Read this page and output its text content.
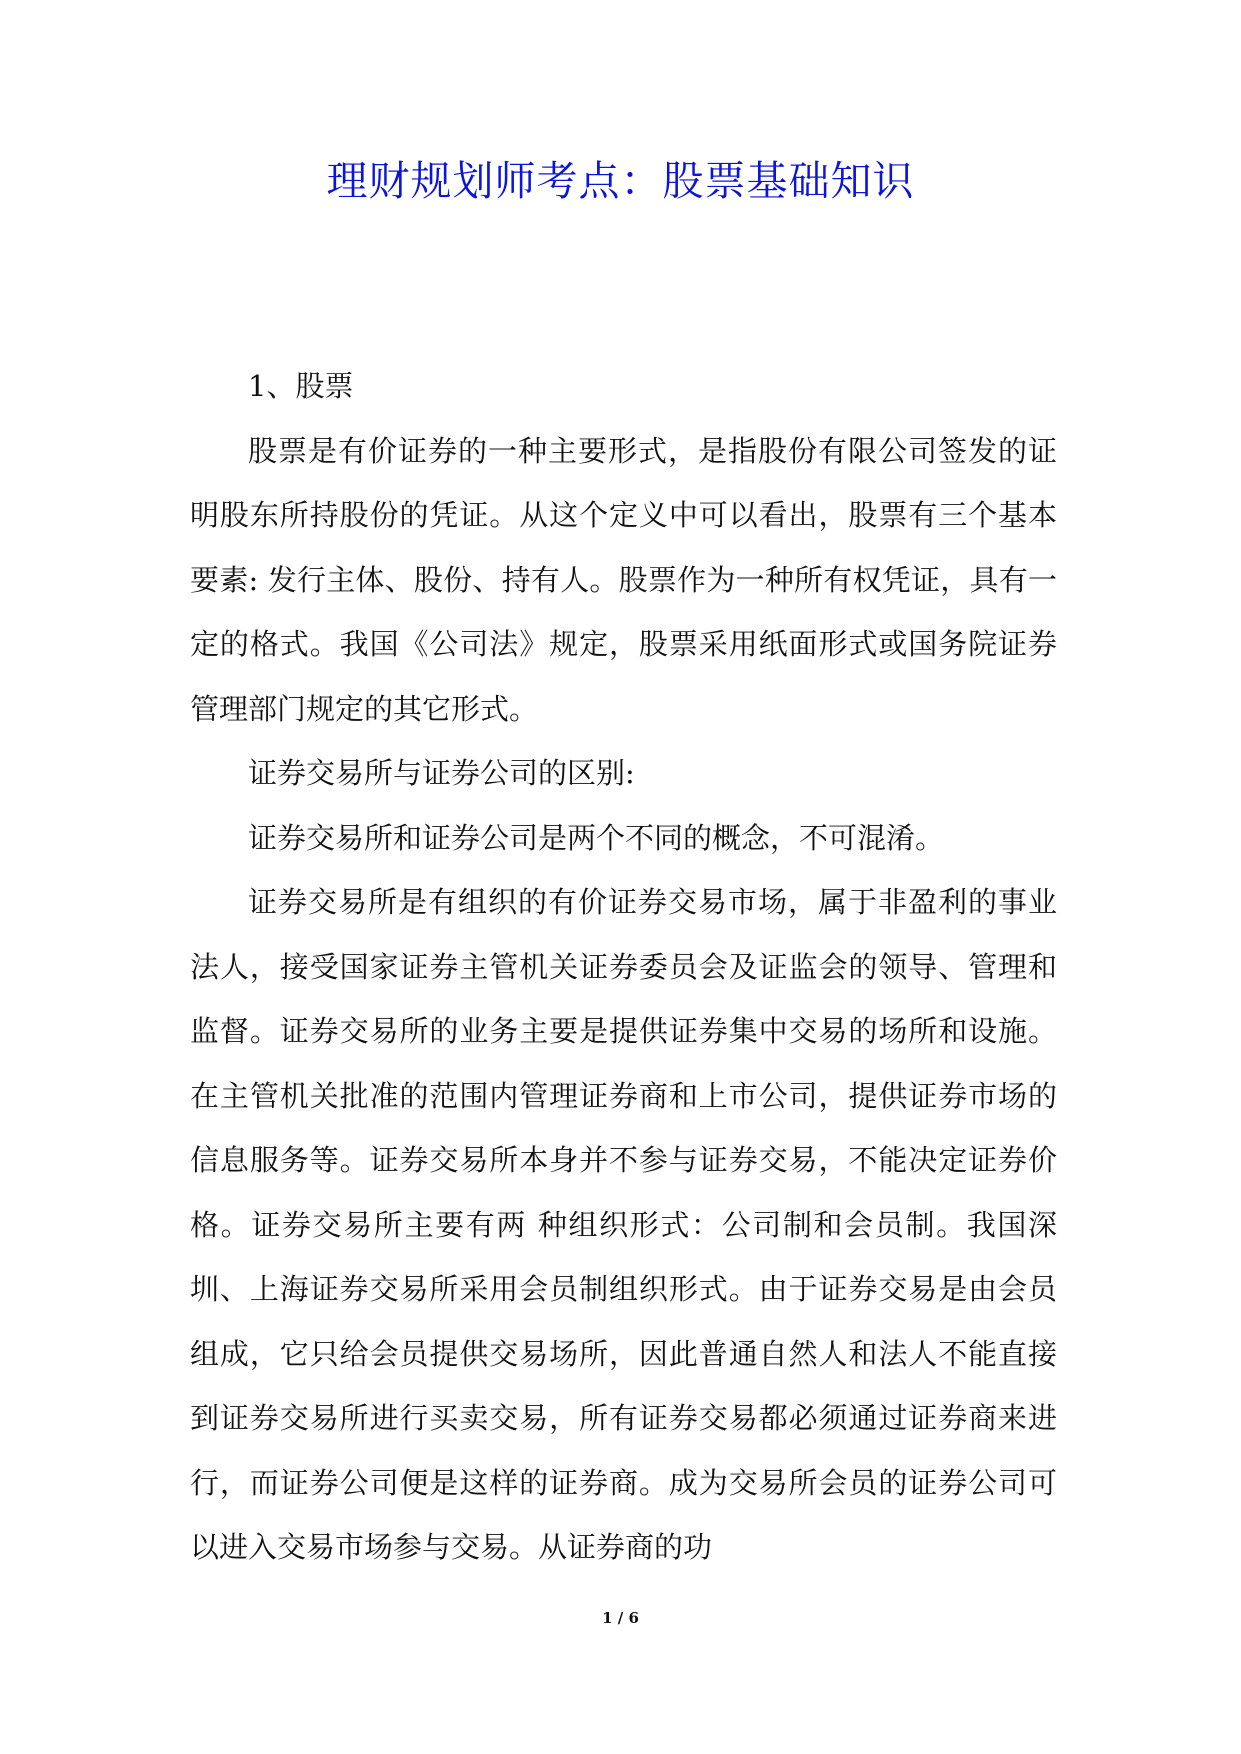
理财规划师考点：股票基础知识

1、股票

股票是有价证券的一种主要形式，是指股份有限公司签发的证明股东所持股份的凭证。从这个定义中可以看出，股票有三个基本要素: 发行主体、股份、持有人。股票作为一种所有权凭证，具有一定的格式。我国《公司法》规定，股票采用纸面形式或国务院证券管理部门规定的其它形式。

证券交易所与证券公司的区别:

证券交易所和证券公司是两个不同的概念，不可混淆。

证券交易所是有组织的有价证券交易市场，属于非盈利的事业法人，接受国家证券主管机关证券委员会及证监会的领导、管理和监督。证券交易所的业务主要是提供证券集中交易的场所和设施。在主管机关批准的范围内管理证券商和上市公司，提供证券市场的信息服务等。证券交易所本身并不参与证券交易，不能决定证券价格。证券交易所主要有两 种组织形式：公司制和会员制。我国深圳、上海证券交易所采用会员制组织形式。由于证券交易是由会员组成，它只给会员提供交易场所，因此普通自然人和法人不能直接到证券交易所进行买卖交易，所有证券交易都必须通过证券商来进行，而证券公司便是这样的证券商。成为交易所会员的证券公司可以进入交易市场参与交易。从证券商的功

1 / 6
